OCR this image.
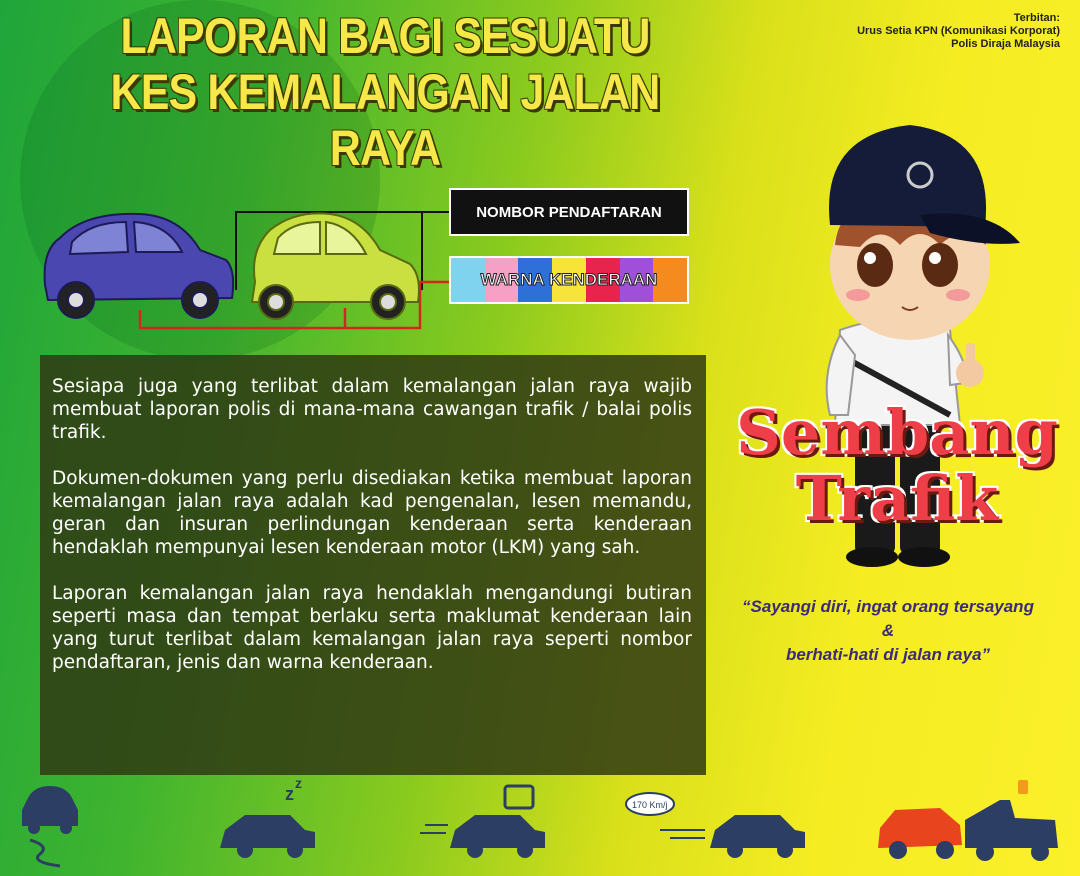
LAPORAN BAGI SESUATU
KES KEMALANGAN JALAN
RAYA
Terbitan:
Urus Setia KPN (Komunikasi Korporat)
Polis Diraja Malaysia
NOMBOR PENDAFTARAN
WARNA KENDERAAN

Sesiapa juga yang terlibat dalam kemalangan jalan raya wajib membuat laporan polis di mana-mana cawangan trafik / balai polis trafik.

Dokumen-dokumen yang perlu disediakan ketika membuat laporan kemalangan jalan raya adalah kad pengenalan, lesen memandu, geran dan insuran perlindungan kenderaan serta kenderaan hendaklah mempunyai lesen kenderaan motor (LKM) yang sah.

Laporan kemalangan jalan raya hendaklah mengandungi butiran seperti masa dan tempat berlaku serta maklumat kenderaan lain yang turut terlibat dalam kemalangan jalan raya seperti nombor pendaftaran, jenis dan warna kenderaan.

Sembang
Trafik
“Sayangi diri, ingat orang tersayang
&
berhati-hati di jalan raya”
z
z
170 Km/j
